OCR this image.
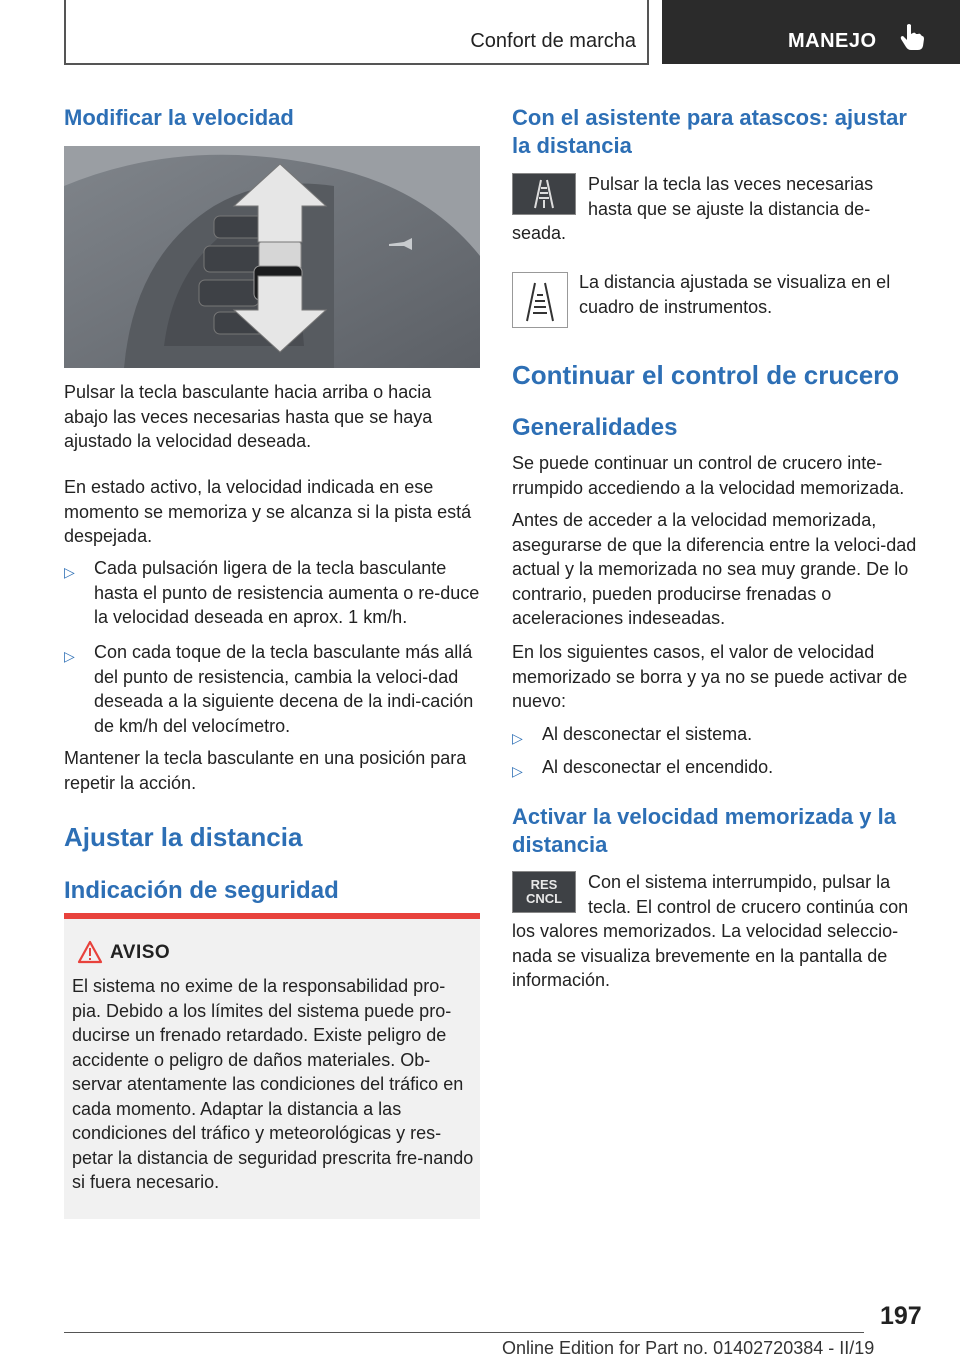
Confort de marcha	MANEJO
Modificar la velocidad

Pulsar la tecla basculante hacia arriba o hacia abajo las veces necesarias hasta que se haya ajustado la velocidad deseada.

En estado activo, la velocidad indicada en ese momento se memoriza y se alcanza si la pista está despejada.

▷ Cada pulsación ligera de la tecla basculante hasta el punto de resistencia aumenta o re‐duce la velocidad deseada en aprox. 1 km/h.
▷ Con cada toque de la tecla basculante más allá del punto de resistencia, cambia la veloci‐dad deseada a la siguiente decena de la indi‐cación de km/h del velocímetro.

Mantener la tecla basculante en una posición para repetir la acción.

Ajustar la distancia
Indicación de seguridad
AVISO

El sistema no exime de la responsabilidad pro‐pia. Debido a los límites del sistema puede pro‐ducirse un frenado retardado. Existe peligro de accidente o peligro de daños materiales. Ob‐servar atentamente las condiciones del tráfico en cada momento. Adaptar la distancia a las condiciones del tráfico y meteorológicas y res‐petar la distancia de seguridad prescrita fre‐nando si fuera necesario.

Con el asistente para atascos: ajustar la distancia

Pulsar la tecla las veces necesarias hasta que se ajuste la distancia de‐

seada.

La distancia ajustada se visualiza en el cuadro de instrumentos.

Continuar el control de crucero
Generalidades

Se puede continuar un control de crucero inte‐rrumpido accediendo a la velocidad memorizada.

Antes de acceder a la velocidad memorizada, asegurarse de que la diferencia entre la veloci‐dad actual y la memorizada no sea muy grande. De lo contrario, pueden producirse frenadas o aceleraciones indeseadas.

En los siguientes casos, el valor de velocidad memorizado se borra y ya no se puede activar de nuevo:

▷ Al desconectar el sistema.
▷ Al desconectar el encendido.
Activar la velocidad memorizada y la distancia
RES
CNCL

Con el sistema interrumpido, pulsar la tecla. El control de crucero continúa con

los valores memorizados. La velocidad seleccio‐nada se visualiza brevemente en la pantalla de información.

197
Online Edition for Part no. 01402720384 - II/19
